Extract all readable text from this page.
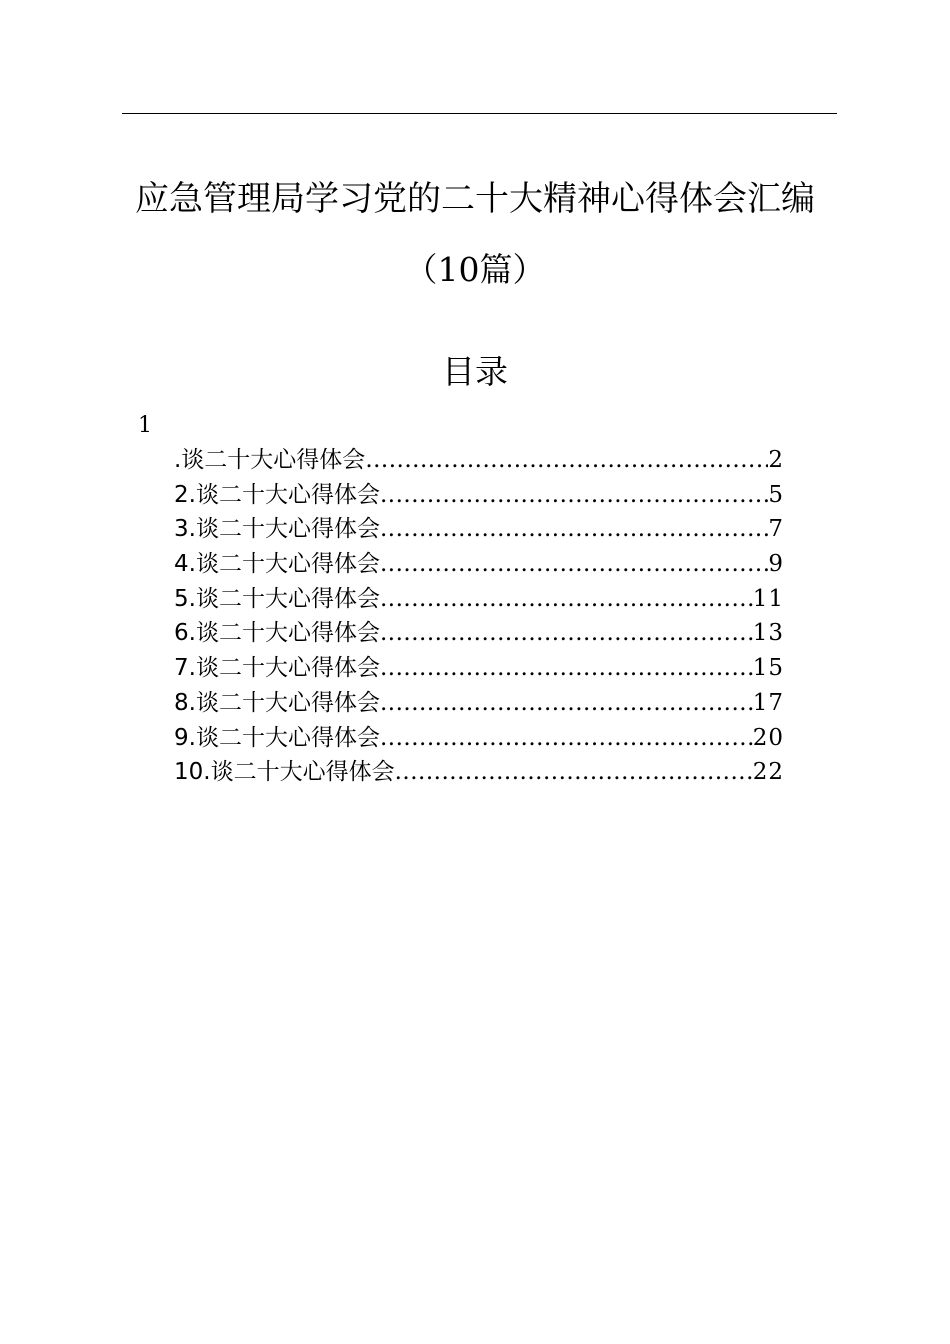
应急管理局学习党的二十大精神心得体会汇编
（10篇）
目录
1
.谈二十大心得体会 .....	2
2.谈二十大心得体会 .....	5
3.谈二十大心得体会 .....	7
4.谈二十大心得体会 .....	9
5.谈二十大心得体会 .....	11
6.谈二十大心得体会 .....	13
7.谈二十大心得体会 .....	15
8.谈二十大心得体会 .....	17
9.谈二十大心得体会 .....	20
10.谈二十大心得体会 .....	22
